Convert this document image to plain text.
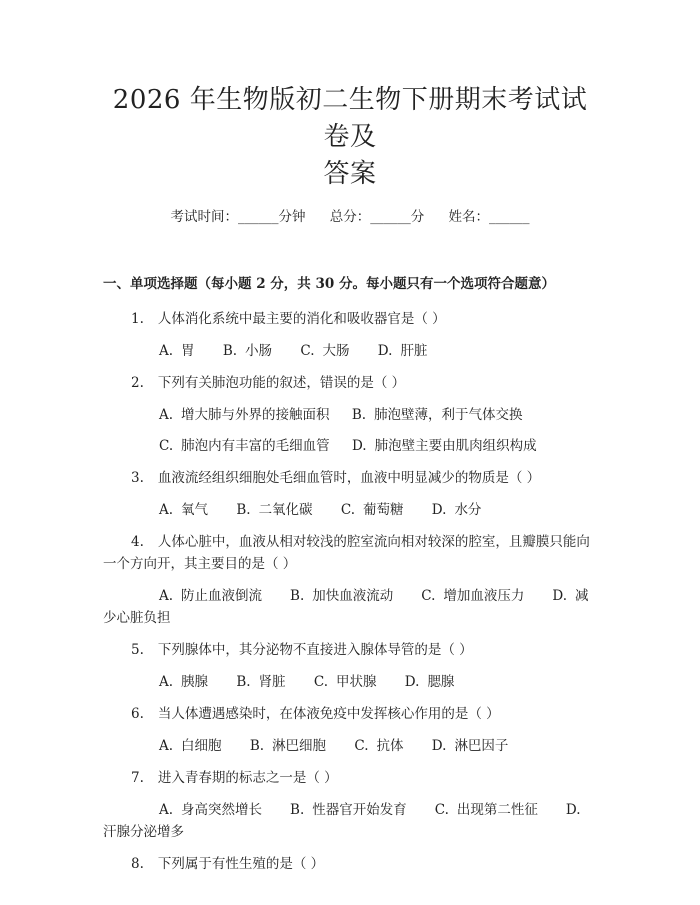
2026 年生物版初二生物下册期末考试试卷及
答案
考试时间：______分钟 总分：______分 姓名：______
一、单项选择题（每小题 2 分，共 30 分。每小题只有一个选项符合题意）
1. 人体消化系统中最主要的消化和吸收器官是（ ）
A. 胃 B. 小肠 C. 大肠 D. 肝脏
2. 下列有关肺泡功能的叙述，错误的是（ ）
A. 增大肺与外界的接触面积 B. 肺泡壁薄，利于气体交换
C. 肺泡内有丰富的毛细血管 D. 肺泡壁主要由肌肉组织构成
3. 血液流经组织细胞处毛细血管时，血液中明显减少的物质是（ ）
A. 氧气 B. 二氧化碳 C. 葡萄糖 D. 水分
4. 人体心脏中，血液从相对较浅的腔室流向相对较深的腔室，且瓣膜只能向一个方向开，其主要目的是（ ）
A. 防止血液倒流 B. 加快血液流动 C. 增加血液压力 D. 减少心脏负担
5. 下列腺体中，其分泌物不直接进入腺体导管的是（ ）
A. 胰腺 B. 肾脏 C. 甲状腺 D. 腮腺
6. 当人体遭遇感染时，在体液免疫中发挥核心作用的是（ ）
A. 白细胞 B. 淋巴细胞 C. 抗体 D. 淋巴因子
7. 进入青春期的标志之一是（ ）
A. 身高突然增长 B. 性器官开始发育 C. 出现第二性征 D.汗腺分泌增多
8. 下列属于有性生殖的是（ ）
